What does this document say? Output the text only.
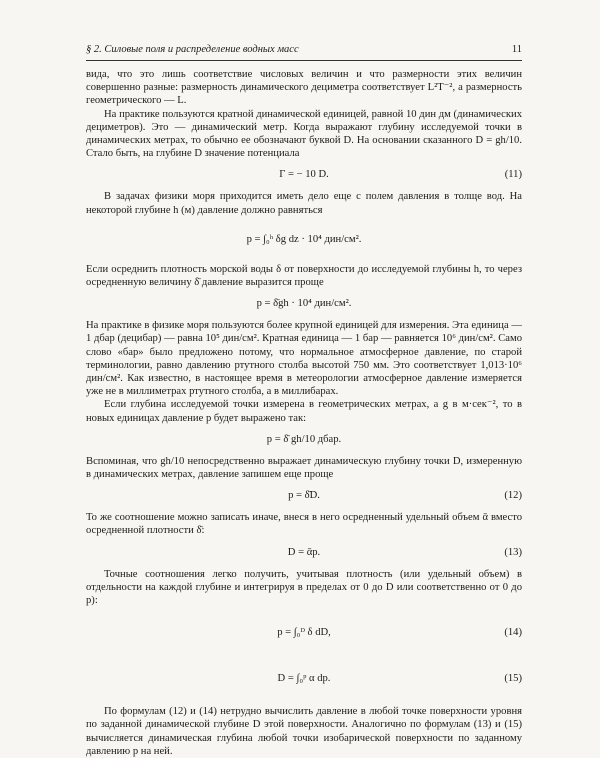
§ 2. Силовые поля и распределение водных масс	11

вида, что это лишь соответствие числовых величин и что размерности этих величин совершенно разные: размерность динамического дециметра соответствует L²T⁻², а размерность геометрического — L.

На практике пользуются кратной динамической единицей, равной 10 дин дм (динамических дециметров). Это — динамический метр. Когда выражают глубину исследуемой точки в динамических метрах, то обычно ее обозначают буквой D. На основании сказанного D = gh/10. Стало быть, на глубине D значение потенциала

Γ = − 10 D.	(11)

В задачах физики моря приходится иметь дело еще с полем давления в толще вод. На некоторой глубине h (м) давление должно равняться

p = ∫₀ʰ δg dz · 10⁴ дин/см².

Если осреднить плотность морской воды δ от поверхности до исследуемой глубины h, то через осредненную величину δ̄ давление выразится проще

p = δ̄gh · 10⁴ дин/см².

На практике в физике моря пользуются более крупной единицей для измерения. Эта единица — 1 дбар (децибар) — равна 10⁵ дин/см². Кратная единица — 1 бар — равняется 10⁶ дин/см². Само слово «бар» было предложено потому, что нормальное атмосферное давление, по старой терминологии, равно давлению ртутного столба высотой 750 мм. Это соответствует 1,013·10⁶ дин/см². Как известно, в настоящее время в метеорологии атмосферное давление измеряется уже не в миллиметрах ртутного столба, а в миллибарах.

Если глубина исследуемой точки измерена в геометрических метрах, а g в м·сек⁻², то в новых единицах давление p будет выражено так:

p = δ̄ gh/10 дбар.

Вспоминая, что gh/10 непосредственно выражает динамическую глубину точки D, измеренную в динамических метрах, давление запишем еще проще

p = δ̄D.	(12)

То же соотношение можно записать иначе, внеся в него осредненный удельный объем ᾱ вместо осредненной плотности δ̄:

D = ᾱp.	(13)

Точные соотношения легко получить, учитывая плотность (или удельный объем) в отдельности на каждой глубине и интегрируя в пределах от 0 до D или соответственно от 0 до p):

p = ∫₀ᴰ δ dD,	(14)
D = ∫₀ᵖ α dp.	(15)

По формулам (12) и (14) нетрудно вычислить давление в любой точке поверхности уровня по заданной динамической глубине D этой поверхности. Аналогично по формулам (13) и (15) вычисляется динамическая глубина любой точки изобарической поверхности по заданному давлению p на ней.
